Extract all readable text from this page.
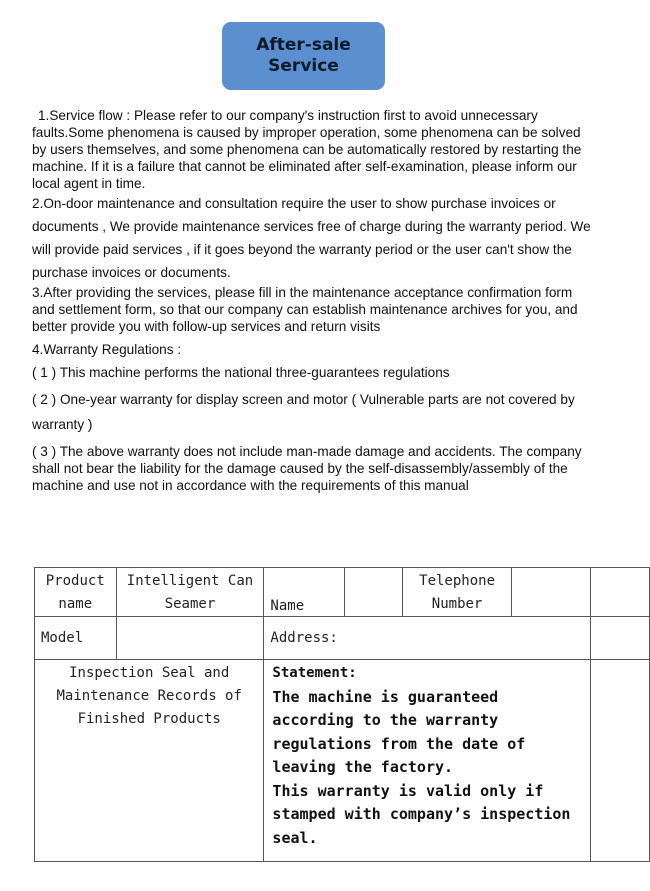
After-sale
Service

1.Service flow : Please refer to our company's instruction first to avoid unnecessary faults.Some phenomena is caused by improper operation, some phenomena can be solved by users themselves, and some phenomena can be automatically restored by restarting the machine. If it is a failure that cannot be eliminated after self-examination, please inform our local agent in time.

2.On-door maintenance and consultation require the user to show purchase invoices or documents , We provide maintenance services free of charge during the warranty period. We will provide paid services , if it goes beyond the warranty period or the user can't show the purchase invoices or documents.

3.After providing the services, please fill in the maintenance acceptance confirmation form and settlement form, so that our company can establish maintenance archives for you, and better provide you with follow-up services and return visits

4.Warranty Regulations :

( 1 ) This machine performs the national three-guarantees regulations

( 2 ) One-year warranty for display screen and motor ( Vulnerable parts are not covered by warranty )

( 3 ) The above warranty does not include man-made damage and accidents. The company shall not bear the liability for the damage caused by the self-disassembly/assembly of the machine and use not in accordance with the requirements of this manual

Product name	Intelligent Can Seamer	Name		Telephone Number		
Model		Address:				
Inspection Seal and Maintenance Records of Finished Products		Statement:
The machine is guaranteed according to the warranty regulations from the date of leaving the factory.
This warranty is valid only if stamped with company’s inspection seal.				
